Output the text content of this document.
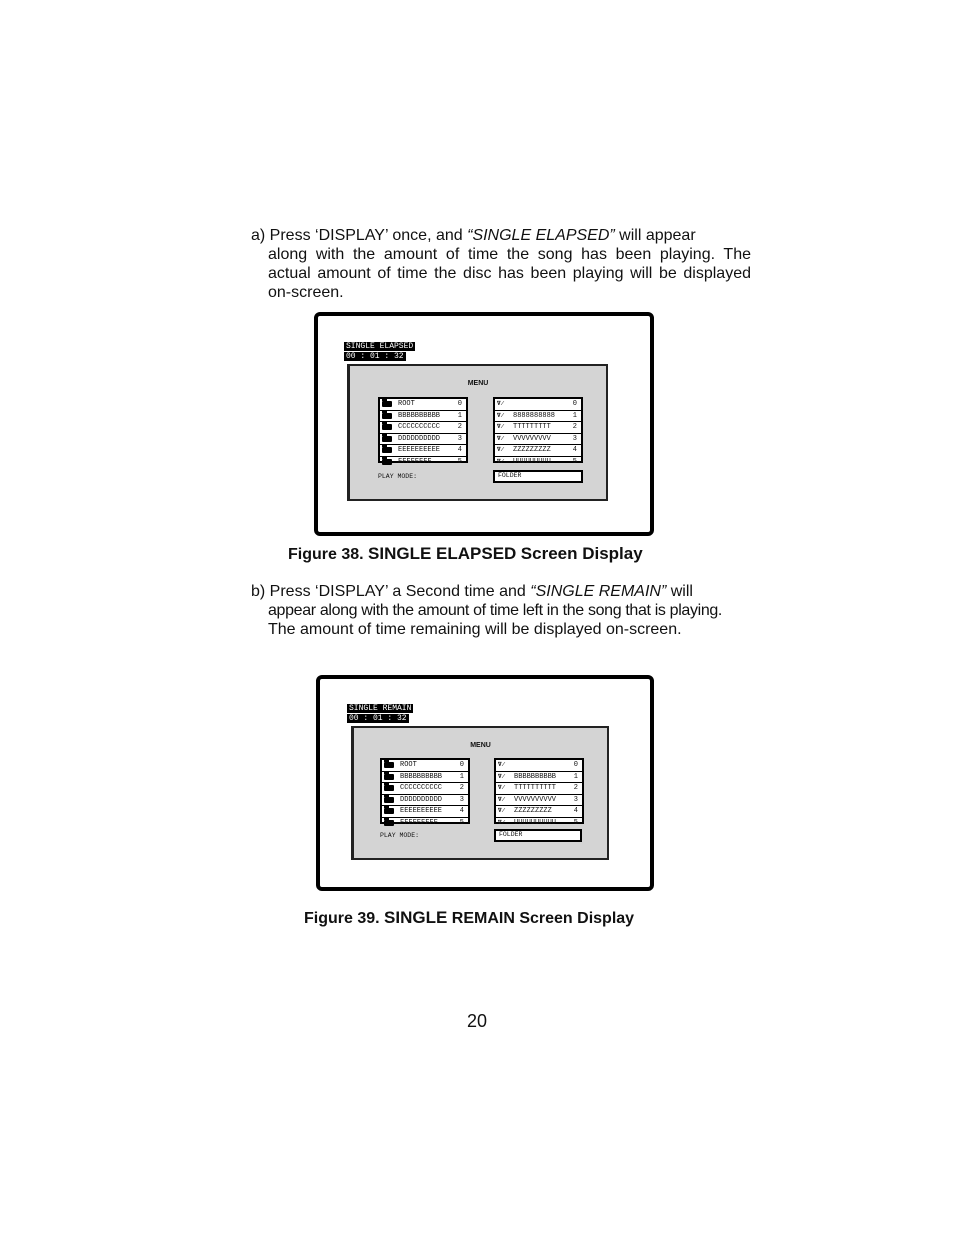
a) Press ‘DISPLAY’ once, and “SINGLE ELAPSED” will appear
along with the amount of time the song has been playing. The
actual amount of time the disc has been playing will be displayed
on-screen.
SINGLE ELAPSED
00 : 01 : 32
MENU
ROOT	0
BBBBBBBBBB	1
CCCCCCCCCC	2
DDDDDDDDDD	3
EEEEEEEEEE	4
FFFFFFFF	5
∇∕	0
∇∕	8888888888	1
∇∕	TTTTTTTTT	2
∇∕	VVVVVVVVV	3
∇∕	ZZZZZZZZZ	4
∇∕	UUUUUUUUU	5
PLAY MODE:	FOLDER
Figure 38. SINGLE ELAPSED Screen Display
b) Press ‘DISPLAY’ a Second time and “SINGLE REMAIN” will
appear along with the amount of time left in the song that is playing.
The amount of time remaining will be displayed on-screen.
SINGLE REMAIN
00 : 01 : 32
MENU
ROOT	0
BBBBBBBBBB	1
CCCCCCCCCC	2
DDDDDDDDDD	3
EEEEEEEEEE	4
FFFFFFFFF	5
∇∕	0
∇∕	BBBBBBBBBB	1
∇∕	TTTTTTTTTT	2
∇∕	VVVVVVVVVV	3
∇∕	ZZZZZZZZZ	4
∇∕	UUUUUUUUUU	5
PLAY MODE:	FOLDER
Figure 39. SINGLE REMAIN Screen Display
20
